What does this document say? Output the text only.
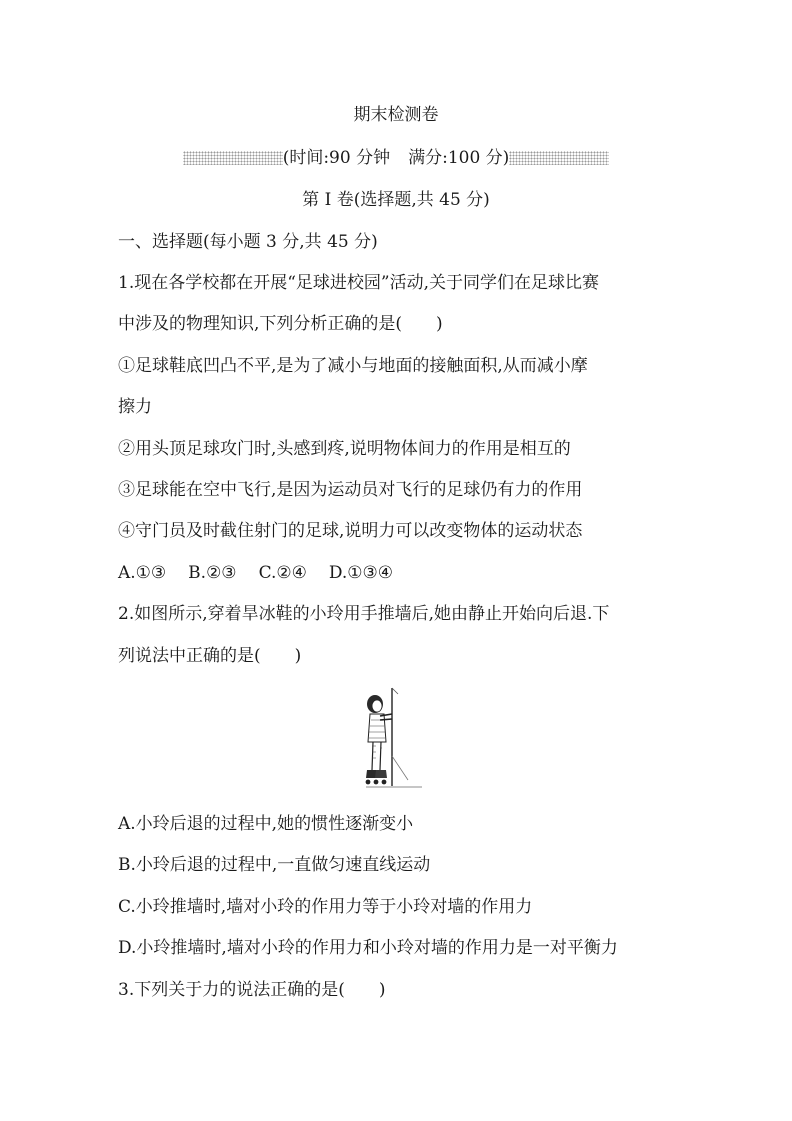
期末检测卷
(时间:90 分钟 满分:100 分)
第 I 卷(选择题,共 45 分)
一、选择题(每小题 3 分,共 45 分)
1.现在各学校都在开展“足球进校园”活动,关于同学们在足球比赛
中涉及的物理知识,下列分析正确的是(　　)
①足球鞋底凹凸不平,是为了减小与地面的接触面积,从而减小摩
擦力
②用头顶足球攻门时,头感到疼,说明物体间力的作用是相互的
③足球能在空中飞行,是因为运动员对飞行的足球仍有力的作用
④守门员及时截住射门的足球,说明力可以改变物体的运动状态
A.①③ B.②③ C.②④ D.①③④
2.如图所示,穿着旱冰鞋的小玲用手推墙后,她由静止开始向后退.下
列说法中正确的是(　　)
A.小玲后退的过程中,她的惯性逐渐变小
B.小玲后退的过程中,一直做匀速直线运动
C.小玲推墙时,墙对小玲的作用力等于小玲对墙的作用力
D.小玲推墙时,墙对小玲的作用力和小玲对墙的作用力是一对平衡力
3.下列关于力的说法正确的是(　　)
